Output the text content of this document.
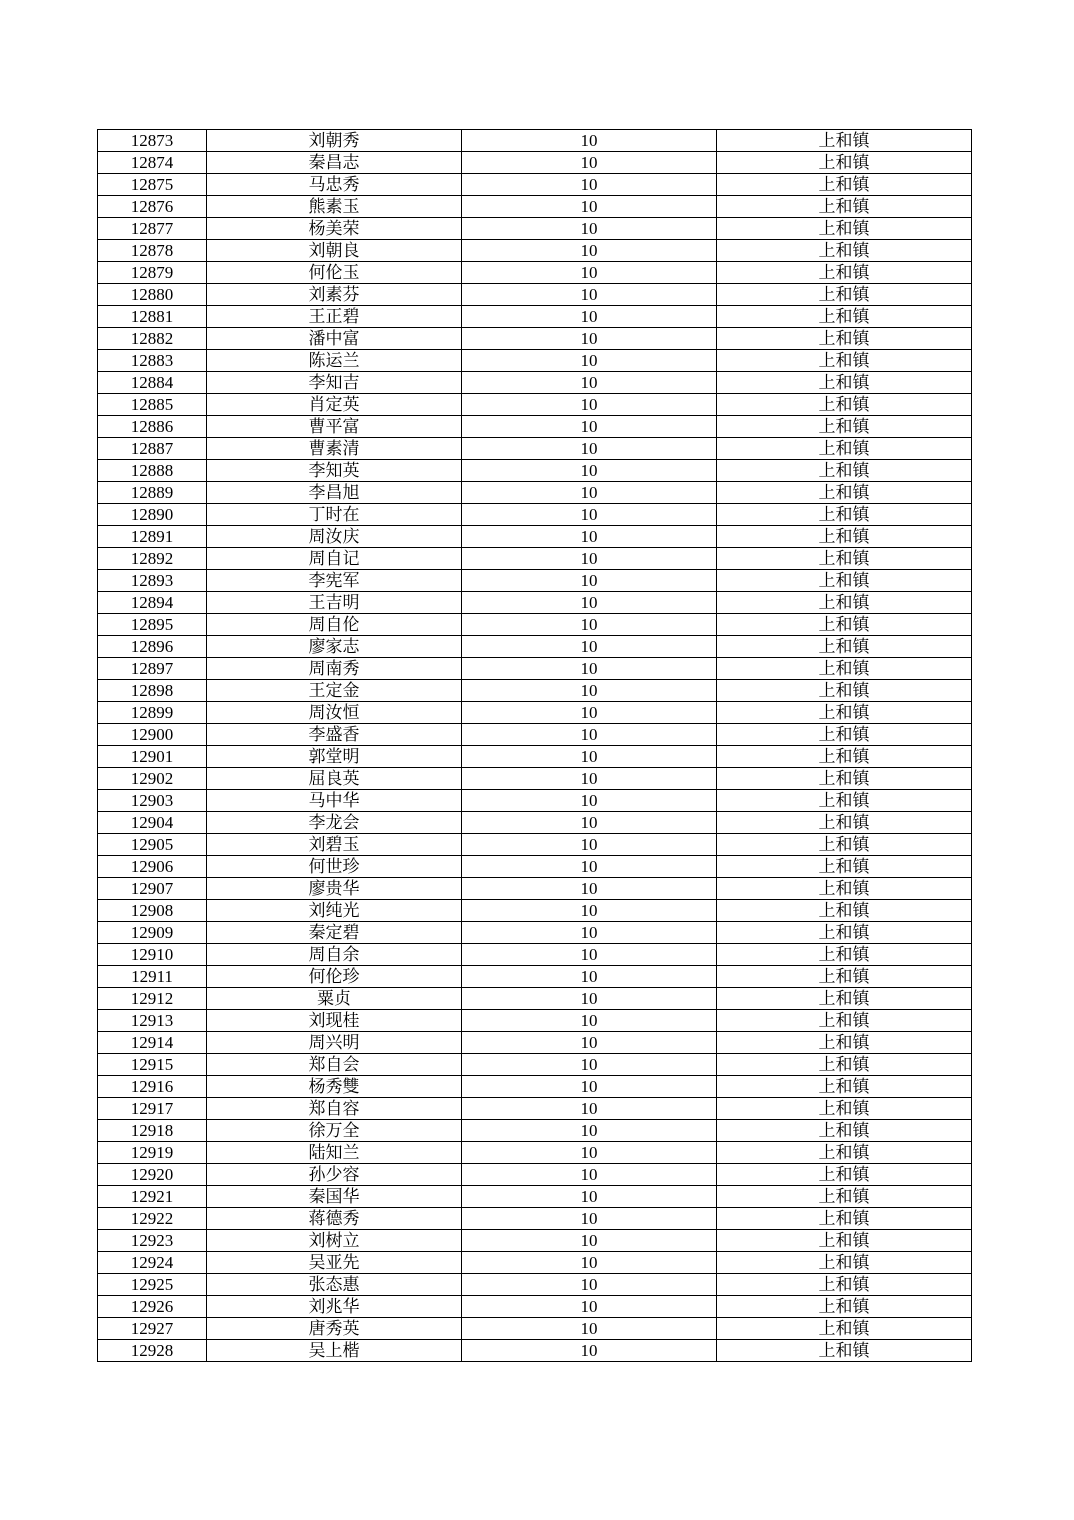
12873	刘朝秀	10	上和镇
12874	秦昌志	10	上和镇
12875	马忠秀	10	上和镇
12876	熊素玉	10	上和镇
12877	杨美荣	10	上和镇
12878	刘朝良	10	上和镇
12879	何伦玉	10	上和镇
12880	刘素芬	10	上和镇
12881	王正碧	10	上和镇
12882	潘中富	10	上和镇
12883	陈运兰	10	上和镇
12884	李知吉	10	上和镇
12885	肖定英	10	上和镇
12886	曹平富	10	上和镇
12887	曹素清	10	上和镇
12888	李知英	10	上和镇
12889	李昌旭	10	上和镇
12890	丁时在	10	上和镇
12891	周汝庆	10	上和镇
12892	周自记	10	上和镇
12893	李宪军	10	上和镇
12894	王吉明	10	上和镇
12895	周自伦	10	上和镇
12896	廖家志	10	上和镇
12897	周南秀	10	上和镇
12898	王定金	10	上和镇
12899	周汝恒	10	上和镇
12900	李盛香	10	上和镇
12901	郭堂明	10	上和镇
12902	屈良英	10	上和镇
12903	马中华	10	上和镇
12904	李龙会	10	上和镇
12905	刘碧玉	10	上和镇
12906	何世珍	10	上和镇
12907	廖贵华	10	上和镇
12908	刘纯光	10	上和镇
12909	秦定碧	10	上和镇
12910	周自余	10	上和镇
12911	何伦珍	10	上和镇
12912	粟贞	10	上和镇
12913	刘现桂	10	上和镇
12914	周兴明	10	上和镇
12915	郑自会	10	上和镇
12916	杨秀雙	10	上和镇
12917	郑自容	10	上和镇
12918	徐万全	10	上和镇
12919	陆知兰	10	上和镇
12920	孙少容	10	上和镇
12921	秦国华	10	上和镇
12922	蒋德秀	10	上和镇
12923	刘树立	10	上和镇
12924	吴亚先	10	上和镇
12925	张态惠	10	上和镇
12926	刘兆华	10	上和镇
12927	唐秀英	10	上和镇
12928	吴上楷	10	上和镇
